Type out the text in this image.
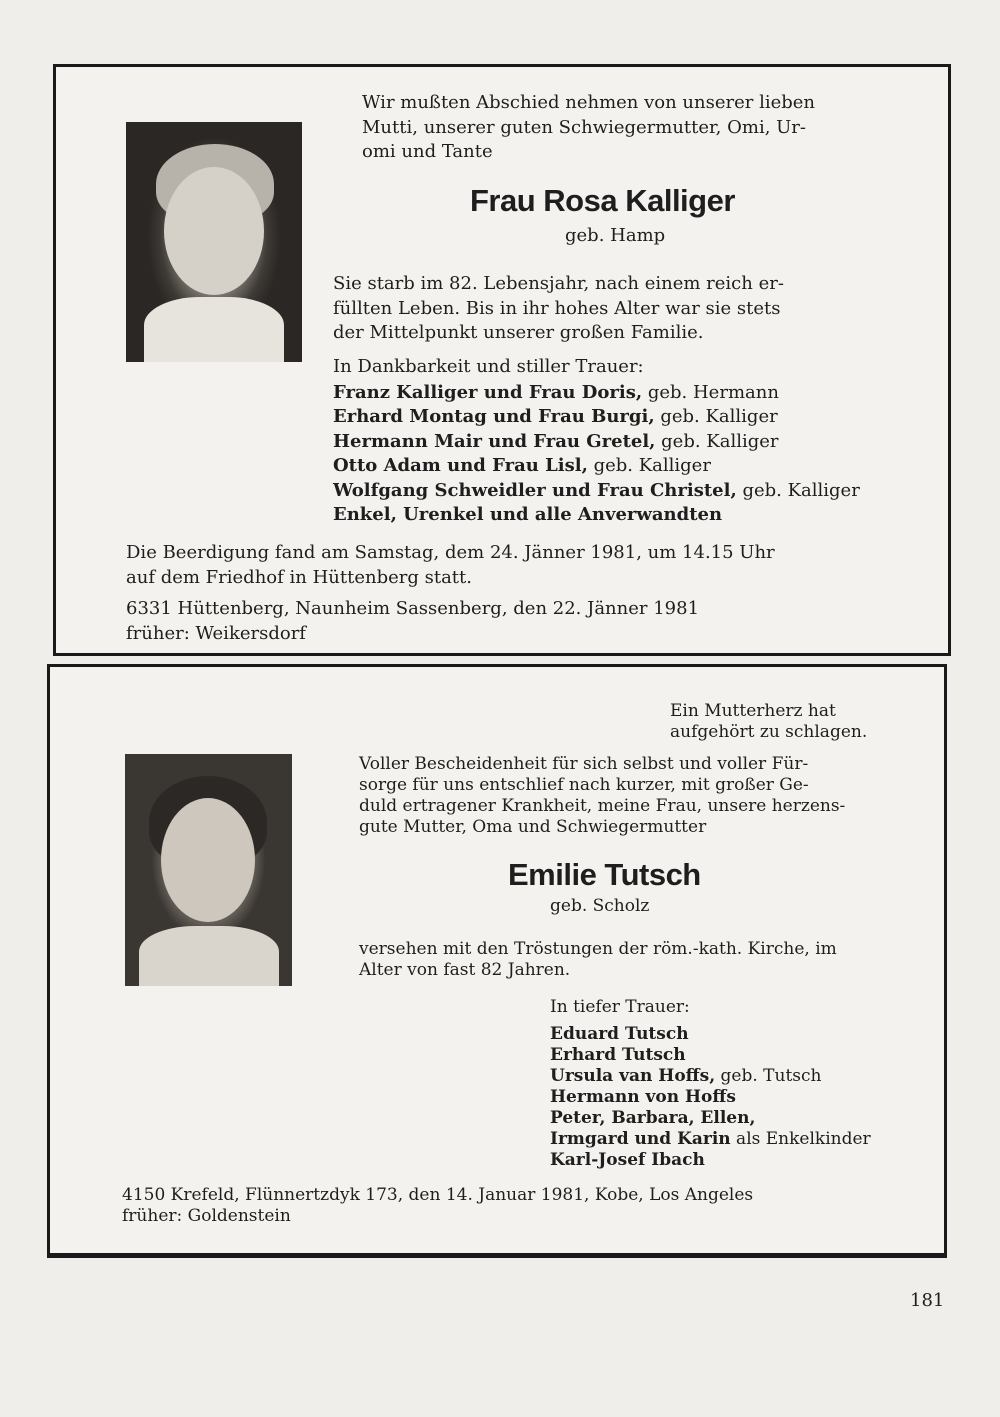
Wir mußten Abschied nehmen von unserer lieben
Mutti, unserer guten Schwiegermutter, Omi, Ur-
omi und Tante
Frau Rosa Kalliger
geb. Hamp
Sie starb im 82. Lebensjahr, nach einem reich er-
füllten Leben. Bis in ihr hohes Alter war sie stets
der Mittelpunkt unserer großen Familie.
In Dankbarkeit und stiller Trauer:
Franz Kalliger und Frau Doris, geb. Hermann
Erhard Montag und Frau Burgi, geb. Kalliger
Hermann Mair und Frau Gretel, geb. Kalliger
Otto Adam und Frau Lisl, geb. Kalliger
Wolfgang Schweidler und Frau Christel, geb. Kalliger
Enkel, Urenkel und alle Anverwandten
Die Beerdigung fand am Samstag, dem 24. Jänner 1981, um 14.15 Uhr
auf dem Friedhof in Hüttenberg statt.
6331 Hüttenberg, Naunheim Sassenberg, den 22. Jänner 1981
früher: Weikersdorf
Ein Mutterherz hat
aufgehört zu schlagen.
Voller Bescheidenheit für sich selbst und voller Für-
sorge für uns entschlief nach kurzer, mit großer Ge-
duld ertragener Krankheit, meine Frau, unsere herzens-
gute Mutter, Oma und Schwiegermutter
Emilie Tutsch
geb. Scholz
versehen mit den Tröstungen der röm.-kath. Kirche, im
Alter von fast 82 Jahren.
In tiefer Trauer:
Eduard Tutsch
Erhard Tutsch
Ursula van Hoffs, geb. Tutsch
Hermann von Hoffs
Peter, Barbara, Ellen,
Irmgard und Karin als Enkelkinder
Karl-Josef Ibach
4150 Krefeld, Flünnertzdyk 173, den 14. Januar 1981, Kobe, Los Angeles
früher: Goldenstein
181
